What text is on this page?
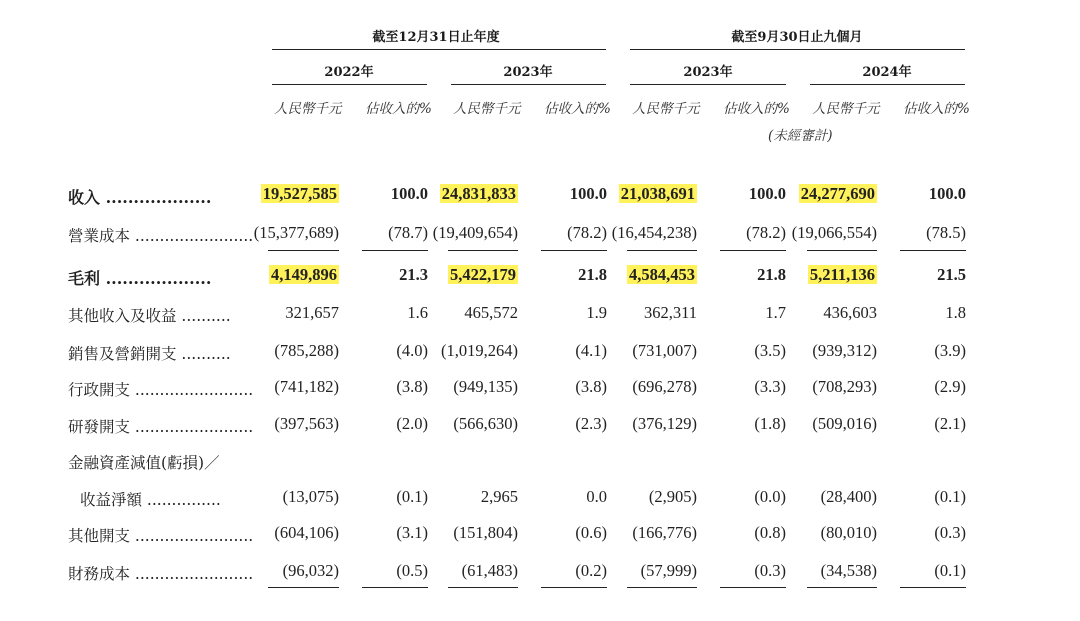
截至12月31日止年度	截至9月30日止九個月
2022年	2023年	2023年	2024年
人民幣千元 佔收入的% 人民幣千元 佔收入的% 人民幣千元 佔收入的% 人民幣千元 佔收入的%
(未經審計)
收入 ...................	19,527,585	100.0 24,831,833	100.0 21,038,691	100.0 24,277,690	100.0
營業成本 ........................ (15,377,689)	(78.7) (19,409,654)	(78.2) (16,454,238)	(78.2) (19,066,554)	(78.5)
毛利 ...................	4,149,896	21.3 5,422,179	21.8 4,584,453	21.8 5,211,136	21.5
其他收入及收益 ..........	321,657	1.6 465,572	1.9 362,311	1.7 436,603	1.8
銷售及營銷開支 ..........	(785,288)	(4.0) (1,019,264)	(4.1) (731,007)	(3.5) (939,312)	(3.9)
行政開支 ........................ (741,182)	(3.8) (949,135)	(3.8) (696,278)	(3.3) (708,293)	(2.9)
研發開支 ........................ (397,563)	(2.0) (566,630)	(2.3) (376,129)	(1.8) (509,016)	(2.1)
金融資產減值(虧損)／
收益淨額 ...............	(13,075)	(0.1)	2,965	0.0	(2,905)	(0.0) (28,400)	(0.1)
其他開支 ........................ (604,106)	(3.1) (151,804)	(0.6) (166,776)	(0.8) (80,010)	(0.3)
財務成本 ........................ (96,032)	(0.5) (61,483)	(0.2) (57,999)	(0.3) (34,538)	(0.1)
